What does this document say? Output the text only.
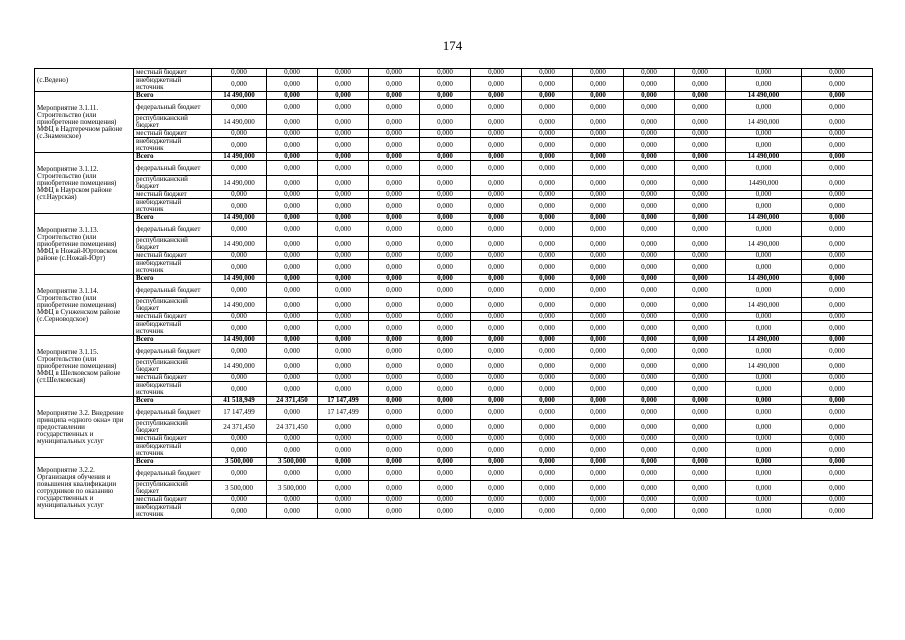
174
(с.Ведено)	местный бюджет	0,000	0,000	0,000	0,000	0,000	0,000	0,000	0,000	0,000	0,000	0,000	0,000
	внебюджетный источник	0,000	0,000	0,000	0,000	0,000	0,000	0,000	0,000	0,000	0,000	0,000	0,000
Мероприятие 3.1.11. Строительство (или приобретение помещения) МФЦ в Надтеречном районе (с.Знаменское)	Всего	14 490,000	0,000	0,000	0,000	0,000	0,000	0,000	0,000	0,000	0,000	14 490,000	0,000
	федеральный бюджет	0,000	0,000	0,000	0,000	0,000	0,000	0,000	0,000	0,000	0,000	0,000	0,000
	республиканский бюджет	14 490,000	0,000	0,000	0,000	0,000	0,000	0,000	0,000	0,000	0,000	14 490,000	0,000
	местный бюджет	0,000	0,000	0,000	0,000	0,000	0,000	0,000	0,000	0,000	0,000	0,000	0,000
	внебюджетный источник	0,000	0,000	0,000	0,000	0,000	0,000	0,000	0,000	0,000	0,000	0,000	0,000
Мероприятие 3.1.12. Строительство (или приобретение помещения) МФЦ в Наурском районе (ст.Наурская)	Всего	14 490,000	0,000	0,000	0,000	0,000	0,000	0,000	0,000	0,000	0,000	14 490,000	0,000
	федеральный бюджет	0,000	0,000	0,000	0,000	0,000	0,000	0,000	0,000	0,000	0,000	0,000	0,000
	республиканский бюджет	14 490,000	0,000	0,000	0,000	0,000	0,000	0,000	0,000	0,000	0,000	14490,000	0,000
	местный бюджет	0,000	0,000	0,000	0,000	0,000	0,000	0,000	0,000	0,000	0,000	0,000	0,000
	внебюджетный источник	0,000	0,000	0,000	0,000	0,000	0,000	0,000	0,000	0,000	0,000	0,000	0,000
Мероприятие 3.1.13. Строительство (или приобретение помещения) МФЦ в Ножай-Юртовском районе (с.Ножай-Юрт)	Всего	14 490,000	0,000	0,000	0,000	0,000	0,000	0,000	0,000	0,000	0,000	14 490,000	0,000
	федеральный бюджет	0,000	0,000	0,000	0,000	0,000	0,000	0,000	0,000	0,000	0,000	0,000	0,000
	республиканский бюджет	14 490,000	0,000	0,000	0,000	0,000	0,000	0,000	0,000	0,000	0,000	14 490,000	0,000
	местный бюджет	0,000	0,000	0,000	0,000	0,000	0,000	0,000	0,000	0,000	0,000	0,000	0,000
	внебюджетный источник	0,000	0,000	0,000	0,000	0,000	0,000	0,000	0,000	0,000	0,000	0,000	0,000
Мероприятие 3.1.14. Строительство (или приобретение помещения) МФЦ в Сунженском районе (с.Серноводское)	Всего	14 490,000	0,000	0,000	0,000	0,000	0,000	0,000	0,000	0,000	0,000	14 490,000	0,000
	федеральный бюджет	0,000	0,000	0,000	0,000	0,000	0,000	0,000	0,000	0,000	0,000	0,000	0,000
	республиканский бюджет	14 490,000	0,000	0,000	0,000	0,000	0,000	0,000	0,000	0,000	0,000	14 490,000	0,000
	местный бюджет	0,000	0,000	0,000	0,000	0,000	0,000	0,000	0,000	0,000	0,000	0,000	0,000
	внебюджетный источник	0,000	0,000	0,000	0,000	0,000	0,000	0,000	0,000	0,000	0,000	0,000	0,000
Мероприятие 3.1.15. Строительство (или приобретение помещения) МФЦ в Шелковском районе (ст.Шелковская)	Всего	14 490,000	0,000	0,000	0,000	0,000	0,000	0,000	0,000	0,000	0,000	14 490,000	0,000
	федеральный бюджет	0,000	0,000	0,000	0,000	0,000	0,000	0,000	0,000	0,000	0,000	0,000	0,000
	республиканский бюджет	14 490,000	0,000	0,000	0,000	0,000	0,000	0,000	0,000	0,000	0,000	14 490,000	0,000
	местный бюджет	0,000	0,000	0,000	0,000	0,000	0,000	0,000	0,000	0,000	0,000	0,000	0,000
	внебюджетный источник	0,000	0,000	0,000	0,000	0,000	0,000	0,000	0,000	0,000	0,000	0,000	0,000
Мероприятие 3.2. Внедрение принципа «одного окна» при предоставлении государственных и муниципальных услуг	Всего	41 518,949	24 371,450	17 147,499	0,000	0,000	0,000	0,000	0,000	0,000	0,000	0,000	0,000
	федеральный бюджет	17 147,499	0,000	17 147,499	0,000	0,000	0,000	0,000	0,000	0,000	0,000	0,000	0,000
	республиканский бюджет	24 371,450	24 371,450	0,000	0,000	0,000	0,000	0,000	0,000	0,000	0,000	0,000	0,000
	местный бюджет	0,000	0,000	0,000	0,000	0,000	0,000	0,000	0,000	0,000	0,000	0,000	0,000
	внебюджетный источник	0,000	0,000	0,000	0,000	0,000	0,000	0,000	0,000	0,000	0,000	0,000	0,000
Мероприятие 3.2.2. Организация обучения и повышения квалификации сотрудников по оказанию государственных и муниципальных услуг	Всего	3 500,000	3 500,000	0,000	0,000	0,000	0,000	0,000	0,000	0,000	0,000	0,000	0,000
	федеральный бюджет	0,000	0,000	0,000	0,000	0,000	0,000	0,000	0,000	0,000	0,000	0,000	0,000
	республиканский бюджет	3 500,000	3 500,000	0,000	0,000	0,000	0,000	0,000	0,000	0,000	0,000	0,000	0,000
	местный бюджет	0,000	0,000	0,000	0,000	0,000	0,000	0,000	0,000	0,000	0,000	0,000	0,000
	внебюджетный источник	0,000	0,000	0,000	0,000	0,000	0,000	0,000	0,000	0,000	0,000	0,000	0,000
